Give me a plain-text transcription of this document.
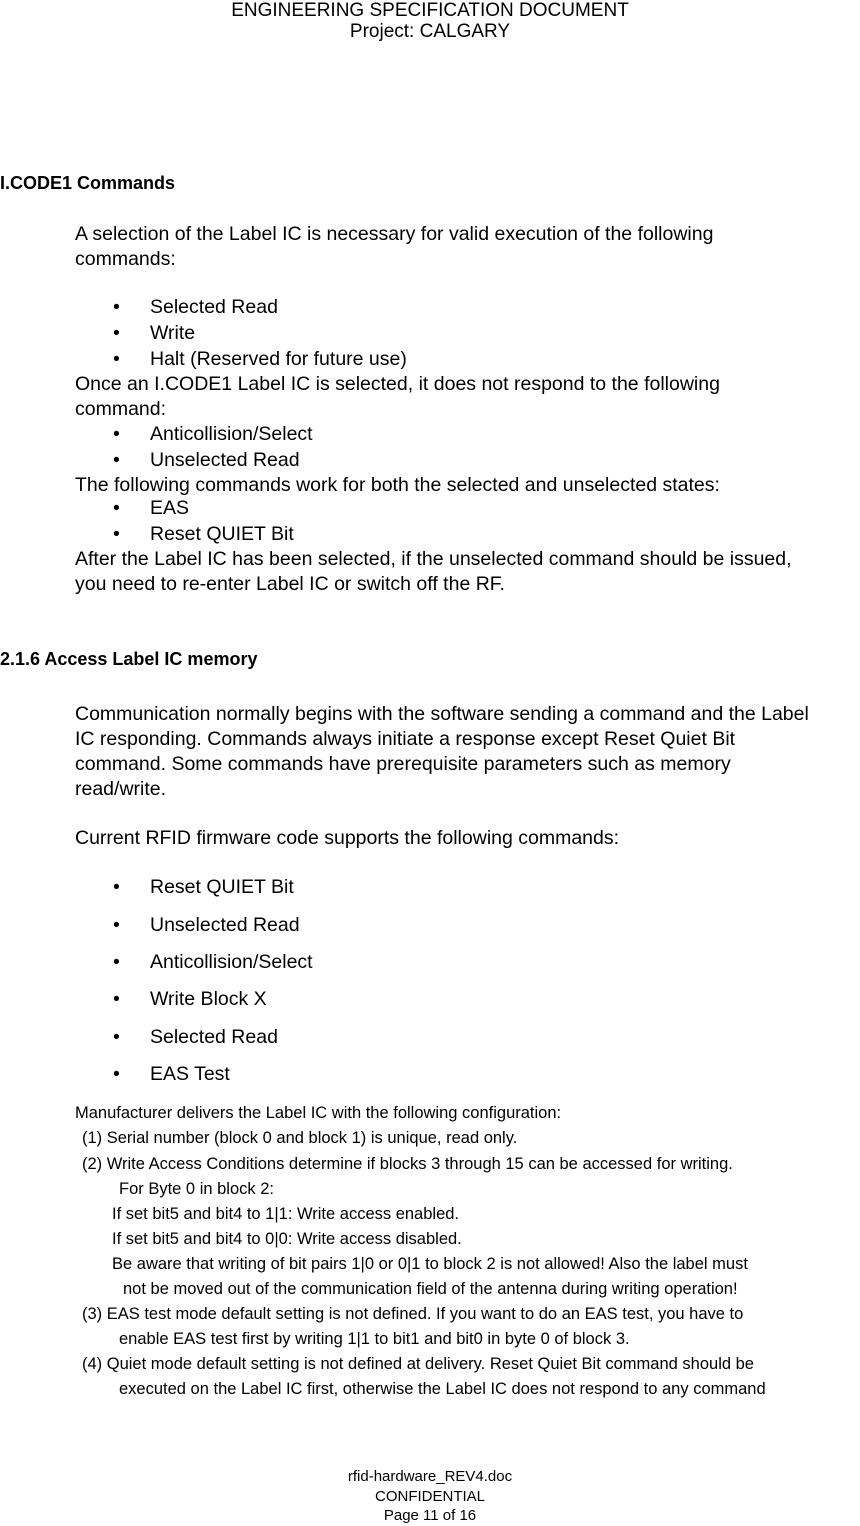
ENGINEERING SPECIFICATION DOCUMENT
Project: CALGARY
I.CODE1 Commands
A selection of the Label IC is necessary for valid execution of the following
commands:
• Selected Read
• Write
• Halt (Reserved for future use)
Once an I.CODE1 Label IC is selected, it does not respond to the following
command:
• Anticollision/Select
• Unselected Read
The following commands work for both the selected and unselected states:
• EAS
• Reset QUIET Bit
After the Label IC has been selected, if the unselected command should be issued,
you need to re-enter Label IC or switch off the RF.
2.1.6 Access Label IC memory
Communication normally begins with the software sending a command and the Label
IC responding. Commands always initiate a response except Reset Quiet Bit
command. Some commands have prerequisite parameters such as memory
read/write.
Current RFID firmware code supports the following commands:
• Reset QUIET Bit
• Unselected Read
• Anticollision/Select
• Write Block X
• Selected Read
• EAS Test
Manufacturer delivers the Label IC with the following configuration:
(1) Serial number (block 0 and block 1) is unique, read only.
(2) Write Access Conditions determine if blocks 3 through 15 can be accessed for writing.
For Byte 0 in block 2:
If set bit5 and bit4 to 1|1: Write access enabled.
If set bit5 and bit4 to 0|0: Write access disabled.
Be aware that writing of bit pairs 1|0 or 0|1 to block 2 is not allowed! Also the label must
not be moved out of the communication field of the antenna during writing operation!
(3) EAS test mode default setting is not defined. If you want to do an EAS test, you have to
enable EAS test first by writing 1|1 to bit1 and bit0 in byte 0 of block 3.
(4) Quiet mode default setting is not defined at delivery. Reset Quiet Bit command should be
executed on the Label IC first, otherwise the Label IC does not respond to any command
rfid-hardware_REV4.doc
CONFIDENTIAL
Page 11 of 16
